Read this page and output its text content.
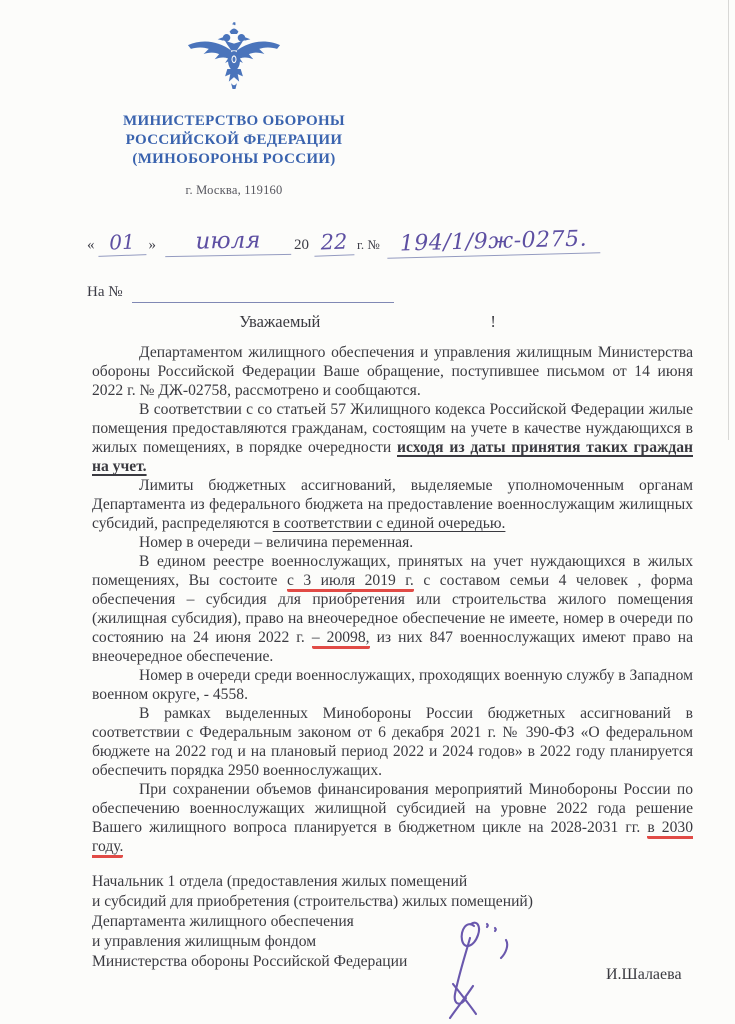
МИНИСТЕРСТВО ОБОРОНЫ
РОССИЙСКОЙ ФЕДЕРАЦИИ
(МИНОБОРОНЫ РОССИИ)
г. Москва, 119160
« 01 »	июля	20 22 г. № 194/1/9ж-0275.
На №
Уважаемый	!

Департаментом жилищного обеспечения и управления жилищным Министерства обороны Российской Федерации Ваше обращение, поступившее письмом от 14 июня 2022 г. № ДЖ-02758, рассмотрено и сообщаются.

В соответствии с со статьей 57 Жилищного кодекса Российской Федерации жилые помещения предоставляются гражданам, состоящим на учете в качестве нуждающихся в жилых помещениях, в порядке очередности исходя из даты принятия таких граждан на учет.

Лимиты бюджетных ассигнований, выделяемые уполномоченным органам Департамента из федерального бюджета на предоставление военнослужащим жилищных субсидий, распределяются в соответствии с единой очередью.

Номер в очереди – величина переменная.

В едином реестре военнослужащих, принятых на учет нуждающихся в жилых помещениях, Вы состоите с 3 июля 2019 г. с составом семьи 4 человек , форма обеспечения – субсидия для приобретения или строительства жилого помещения (жилищная субсидия), право на внеочередное обеспечение не имеете, номер в очереди по состоянию на 24 июня 2022 г. – 20098, из них 847 военнослужащих имеют право на внеочередное обеспечение.

Номер в очереди среди военнослужащих, проходящих военную службу в Западном военном округе, - 4558.

В рамках выделенных Минобороны России бюджетных ассигнований в соответствии с Федеральным законом от 6 декабря 2021 г. № 390-ФЗ «О федеральном бюджете на 2022 год и на плановый период 2022 и 2024 годов» в 2022 году планируется обеспечить порядка 2950 военнослужащих.

При сохранении объемов финансирования мероприятий Минобороны России по обеспечению военнослужащих жилищной субсидией на уровне 2022 года решение Вашего жилищного вопроса планируется в бюджетном цикле на 2028-2031 гг. в 2030 году.

Начальник 1 отдела (предоставления жилых помещений
и субсидий для приобретения (строительства) жилых помещений)
Департамента жилищного обеспечения
и управления жилищным фондом
Министерства обороны Российской Федерации
И.Шалаева
